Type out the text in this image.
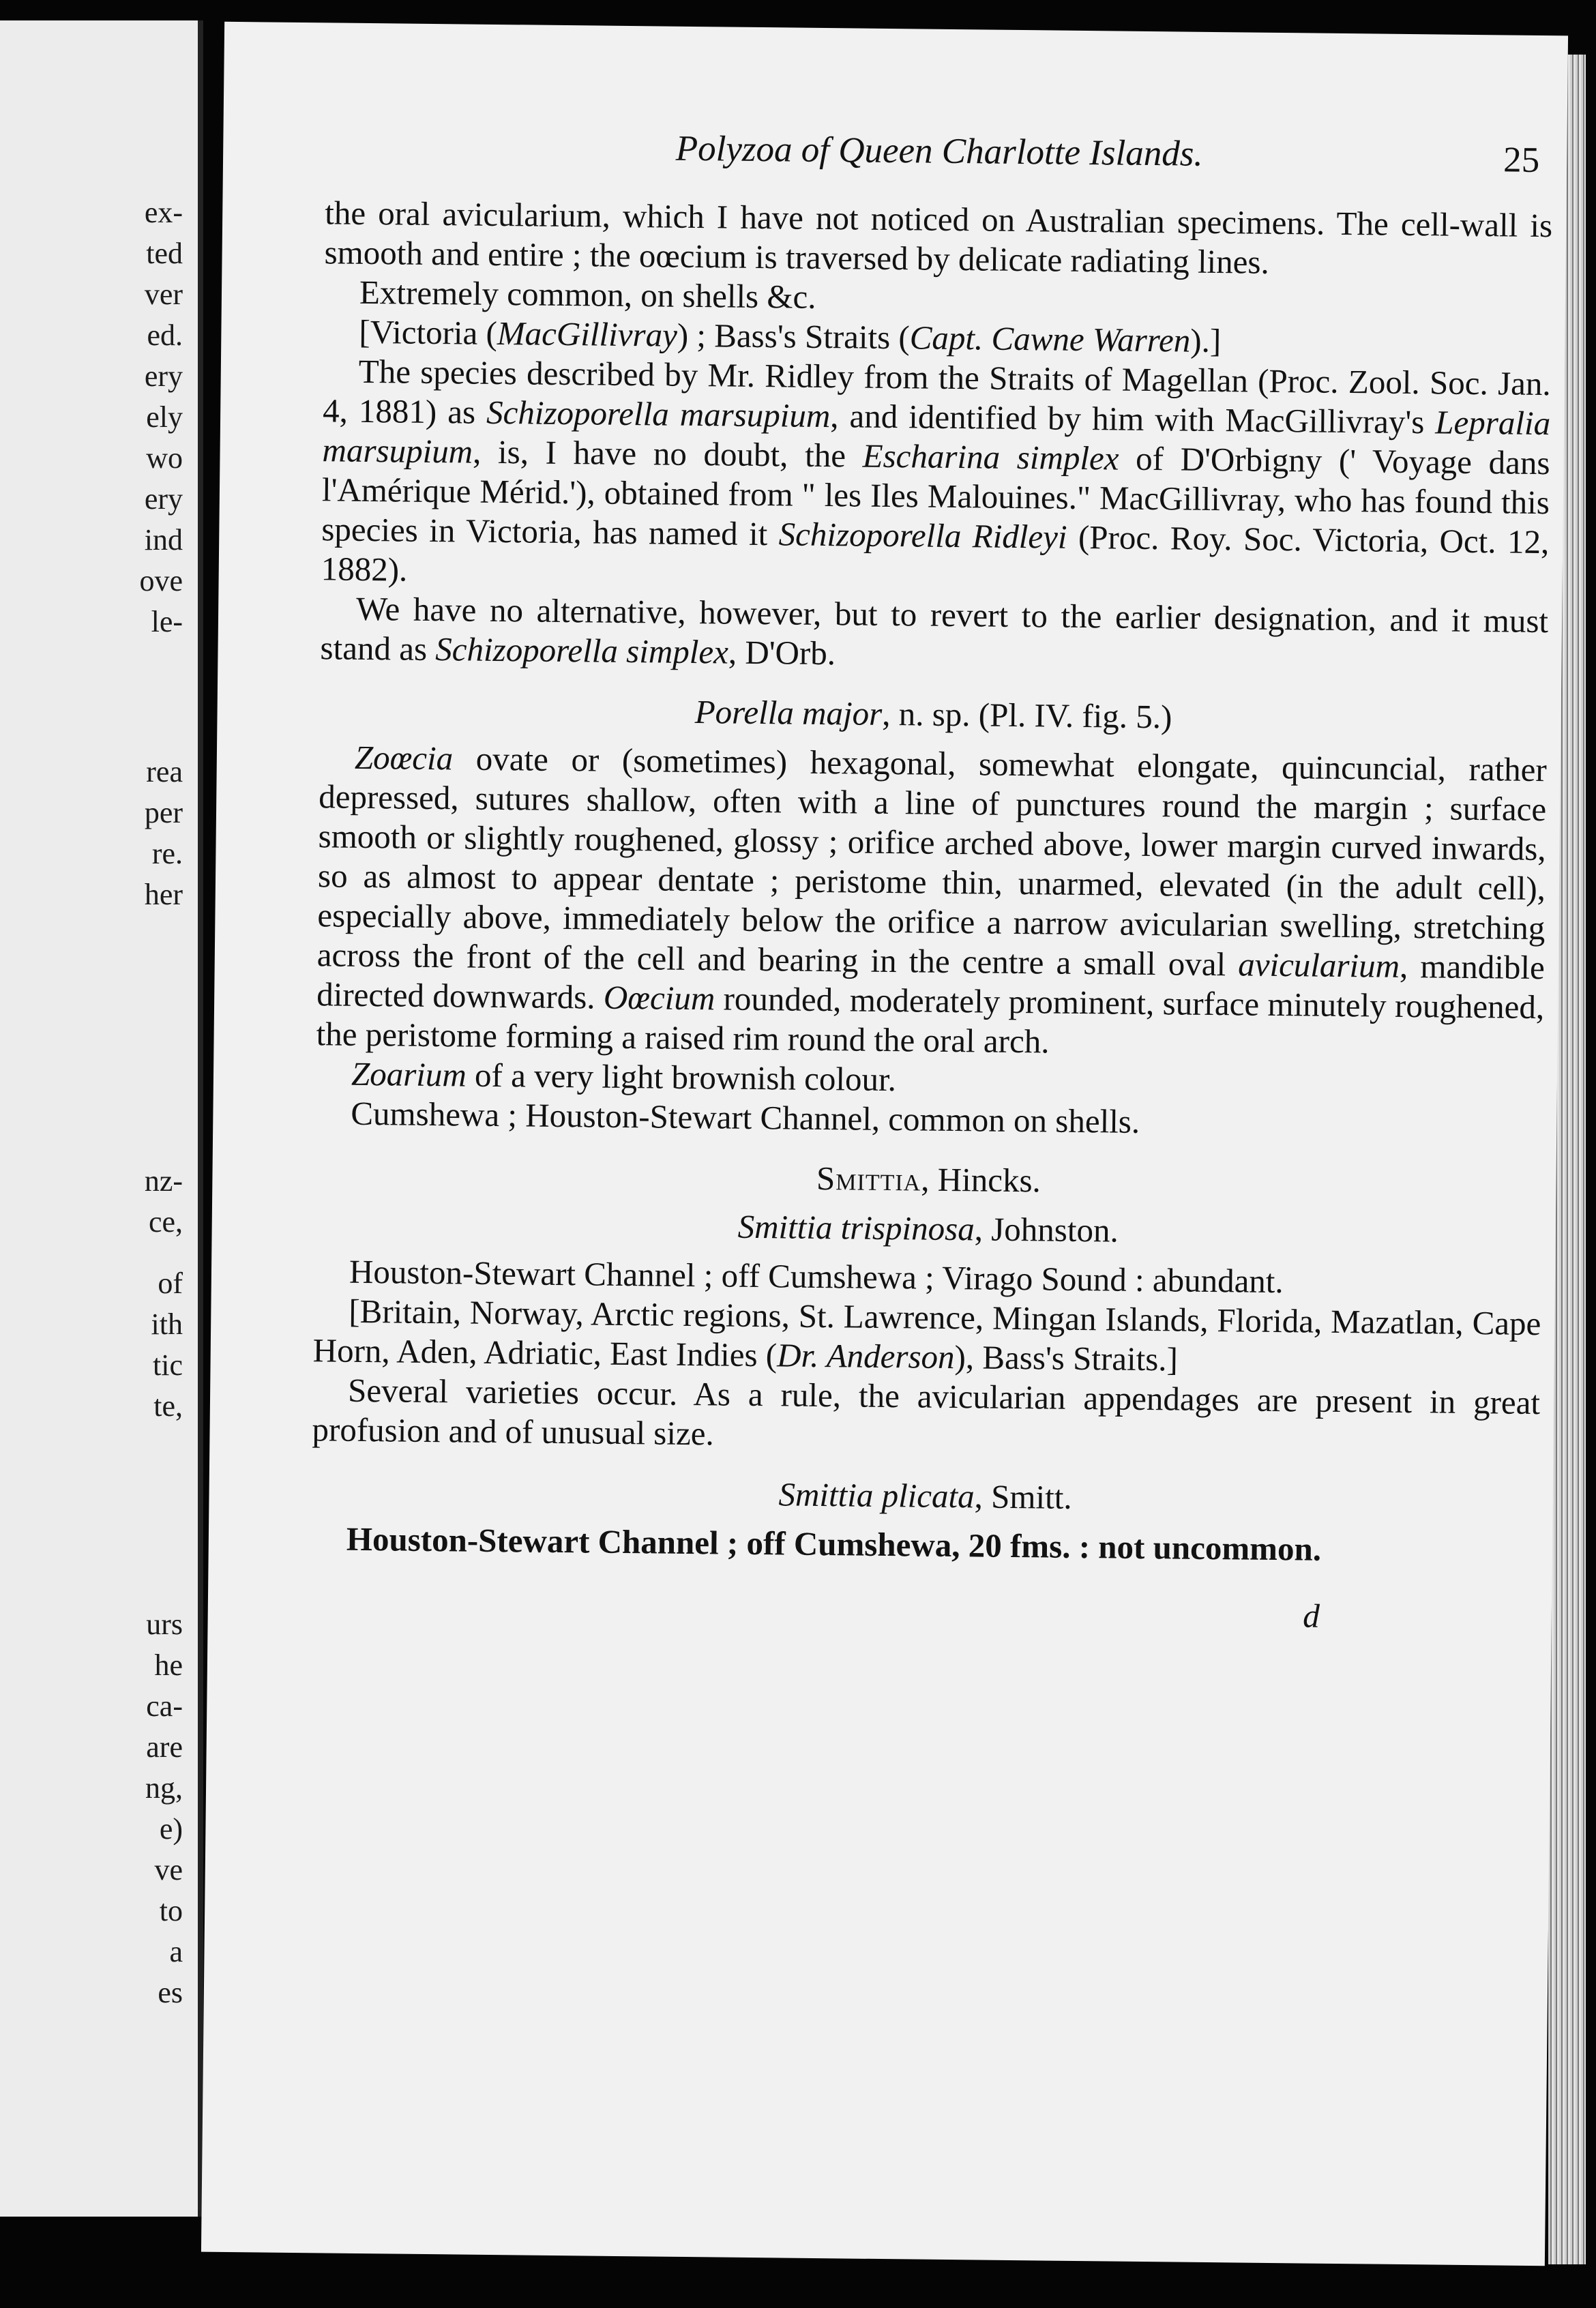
ex-
ted
ver
ed.
ery
ely
wo
ery
ind
ove
le-
rea
per
re.
her
nz-
ce,
of
ith
tic
te,
urs
he
ca-
are
ng,
e)
ve
to
a
es
Polyzoa of Queen Charlotte Islands.	25

the oral avicularium, which I have not noticed on Australian specimens. The cell-wall is smooth and entire ; the oœcium is traversed by delicate radiating lines.

Extremely common, on shells &c.

[Victoria (MacGillivray) ; Bass's Straits (Capt. Cawne Warren).]

The species described by Mr. Ridley from the Straits of Magellan (Proc. Zool. Soc. Jan. 4, 1881) as Schizoporella marsupium, and identified by him with MacGillivray's Lepralia marsupium, is, I have no doubt, the Escharina simplex of D'Orbigny (' Voyage dans l'Amérique Mérid.'), obtained from " les Iles Malouines." MacGillivray, who has found this species in Victoria, has named it Schizoporella Ridleyi (Proc. Roy. Soc. Victoria, Oct. 12, 1882).

We have no alternative, however, but to revert to the earlier designation, and it must stand as Schizoporella simplex, D'Orb.

Porella major, n. sp. (Pl. IV. fig. 5.)

Zoœcia ovate or (sometimes) hexagonal, somewhat elongate, quincuncial, rather depressed, sutures shallow, often with a line of punctures round the margin ; surface smooth or slightly roughened, glossy ; orifice arched above, lower margin curved inwards, so as almost to appear dentate ; peristome thin, unarmed, elevated (in the adult cell), especially above, immediately below the orifice a narrow avicularian swelling, stretching across the front of the cell and bearing in the centre a small oval avicularium, mandible directed downwards. Oœcium rounded, moderately prominent, surface minutely roughened, the peristome forming a raised rim round the oral arch.

Zoarium of a very light brownish colour.

Cumshewa ; Houston-Stewart Channel, common on shells.

Smittia, Hincks.

Smittia trispinosa, Johnston.

Houston-Stewart Channel ; off Cumshewa ; Virago Sound : abundant.

[Britain, Norway, Arctic regions, St. Lawrence, Mingan Islands, Florida, Mazatlan, Cape Horn, Aden, Adriatic, East Indies (Dr. Anderson), Bass's Straits.]

Several varieties occur. As a rule, the avicularian appendages are present in great profusion and of unusual size.

Smittia plicata, Smitt.

Houston-Stewart Channel ; off Cumshewa, 20 fms. : not uncommon.

d
